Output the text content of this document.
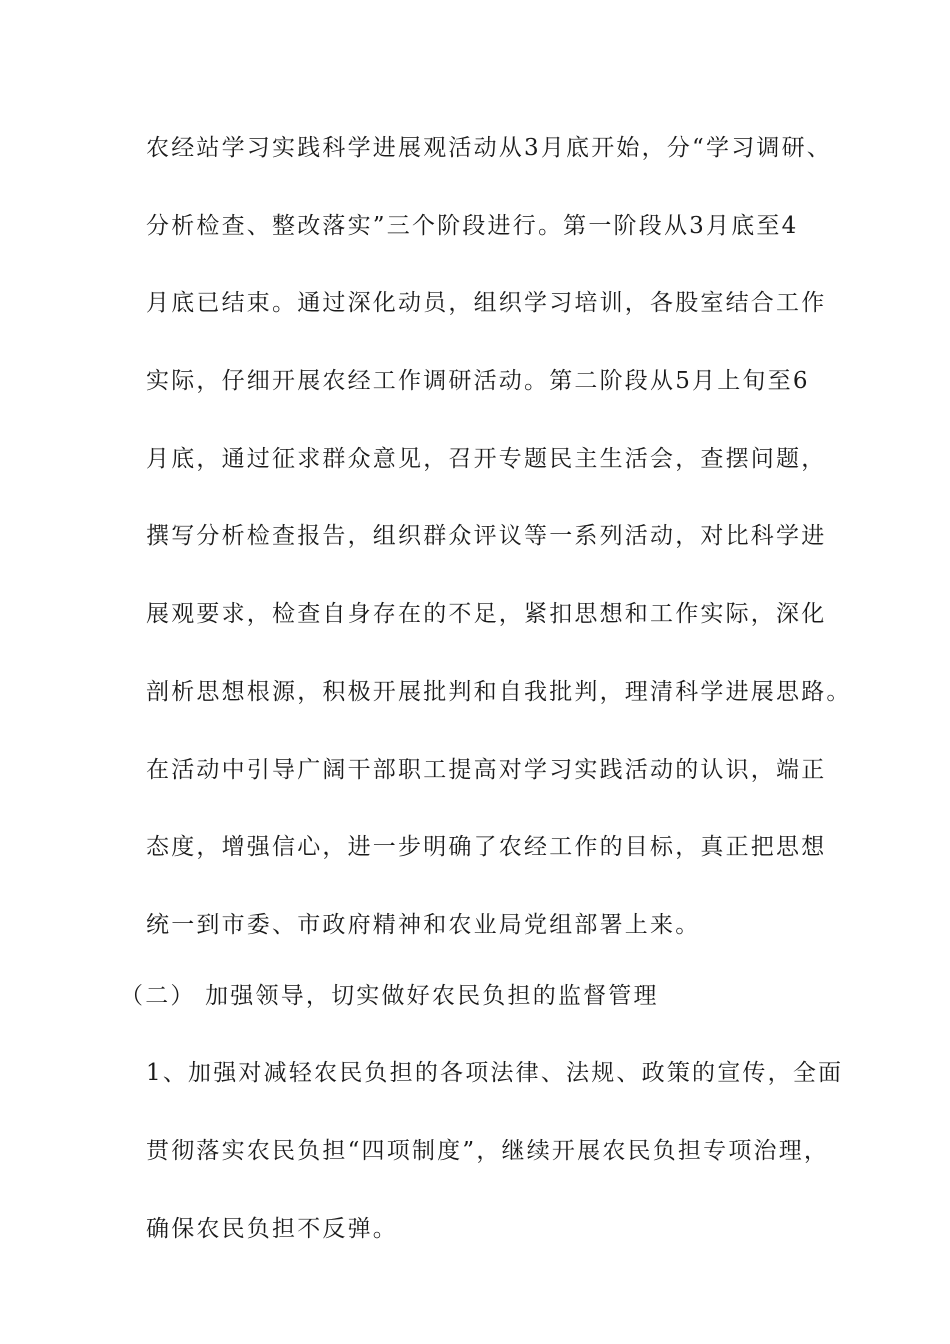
农经站学习实践科学进展观活动从3月底开始，分“学习调研、
分析检查、整改落实”三个阶段进行。第一阶段从3月底至4
月底已结束。通过深化动员，组织学习培训，各股室结合工作
实际，仔细开展农经工作调研活动。第二阶段从5月上旬至6
月底，通过征求群众意见，召开专题民主生活会，查摆问题，
撰写分析检查报告，组织群众评议等一系列活动，对比科学进
展观要求，检查自身存在的不足，紧扣思想和工作实际，深化
剖析思想根源，积极开展批判和自我批判，理清科学进展思路。
在活动中引导广阔干部职工提高对学习实践活动的认识，端正
态度，增强信心，进一步明确了农经工作的目标，真正把思想
统一到市委、市政府精神和农业局党组部署上来。
（二） 加强领导，切实做好农民负担的监督管理
1、加强对减轻农民负担的各项法律、法规、政策的宣传，全面
贯彻落实农民负担“四项制度”，继续开展农民负担专项治理，
确保农民负担不反弹。
